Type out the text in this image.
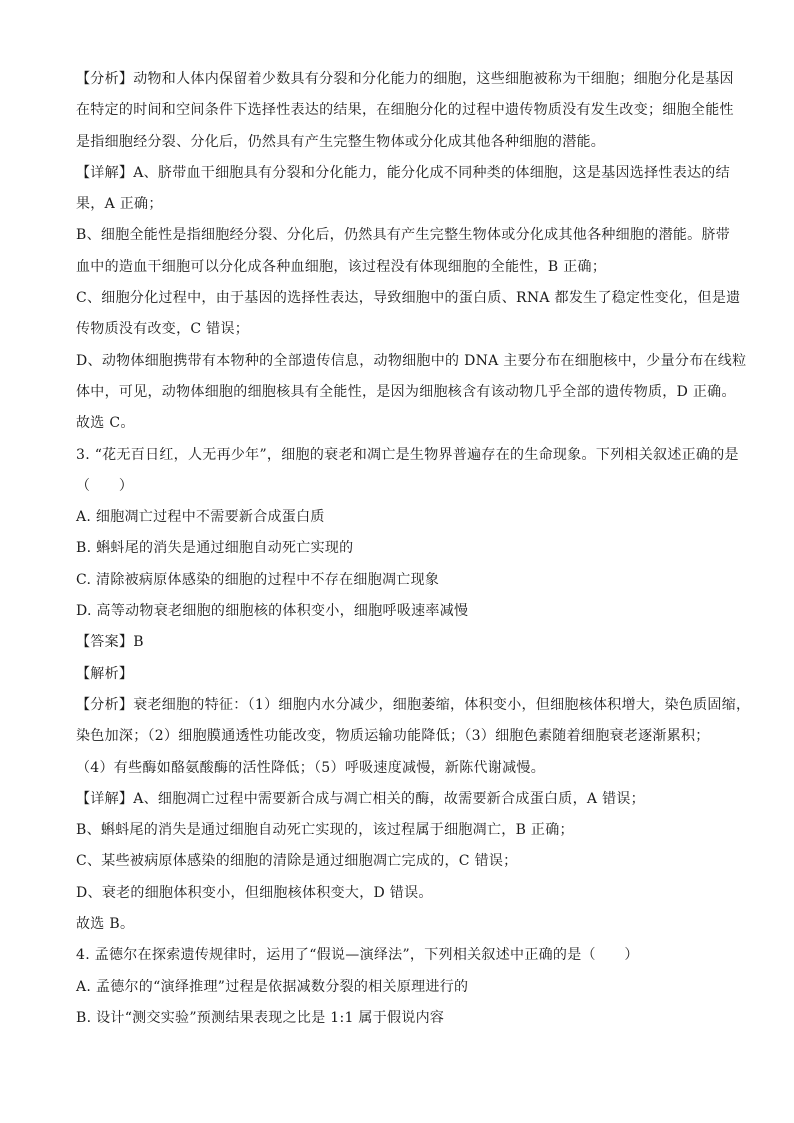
【分析】动物和人体内保留着少数具有分裂和分化能力的细胞，这些细胞被称为干细胞；细胞分化是基因
在特定的时间和空间条件下选择性表达的结果，在细胞分化的过程中遗传物质没有发生改变；细胞全能性
是指细胞经分裂、分化后，仍然具有产生完整生物体或分化成其他各种细胞的潜能。
【详解】A、脐带血干细胞具有分裂和分化能力，能分化成不同种类的体细胞，这是基因选择性表达的结
果，A 正确；
B、细胞全能性是指细胞经分裂、分化后，仍然具有产生完整生物体或分化成其他各种细胞的潜能。脐带
血中的造血干细胞可以分化成各种血细胞，该过程没有体现细胞的全能性，B 正确；
C、细胞分化过程中，由于基因的选择性表达，导致细胞中的蛋白质、RNA 都发生了稳定性变化，但是遗
传物质没有改变，C 错误；
D、动物体细胞携带有本物种的全部遗传信息，动物细胞中的 DNA 主要分布在细胞核中，少量分布在线粒
体中，可见，动物体细胞的细胞核具有全能性，是因为细胞核含有该动物几乎全部的遗传物质，D 正确。
故选 C。
3. “花无百日红，人无再少年”，细胞的衰老和凋亡是生物界普遍存在的生命现象。下列相关叙述正确的是
（　　）
A. 细胞凋亡过程中不需要新合成蛋白质
B. 蝌蚪尾的消失是通过细胞自动死亡实现的
C. 清除被病原体感染的细胞的过程中不存在细胞凋亡现象
D. 高等动物衰老细胞的细胞核的体积变小，细胞呼吸速率减慢
【答案】B
【解析】
【分析】衰老细胞的特征：（1）细胞内水分减少，细胞萎缩，体积变小，但细胞核体积增大，染色质固缩，
染色加深；（2）细胞膜通透性功能改变，物质运输功能降低；（3）细胞色素随着细胞衰老逐渐累积；
（4）有些酶如酪氨酸酶的活性降低；（5）呼吸速度减慢，新陈代谢减慢。
【详解】A、细胞凋亡过程中需要新合成与凋亡相关的酶，故需要新合成蛋白质，A 错误；
B、蝌蚪尾的消失是通过细胞自动死亡实现的，该过程属于细胞凋亡，B 正确；
C、某些被病原体感染的细胞的清除是通过细胞凋亡完成的，C 错误；
D、衰老的细胞体积变小，但细胞核体积变大，D 错误。
故选 B。
4. 孟德尔在探索遗传规律时，运用了“假说—演绎法”，下列相关叙述中正确的是（　　）
A. 孟德尔的“演绎推理”过程是依据减数分裂的相关原理进行的
B. 设计“测交实验”预测结果表现之比是 1:1 属于假说内容
